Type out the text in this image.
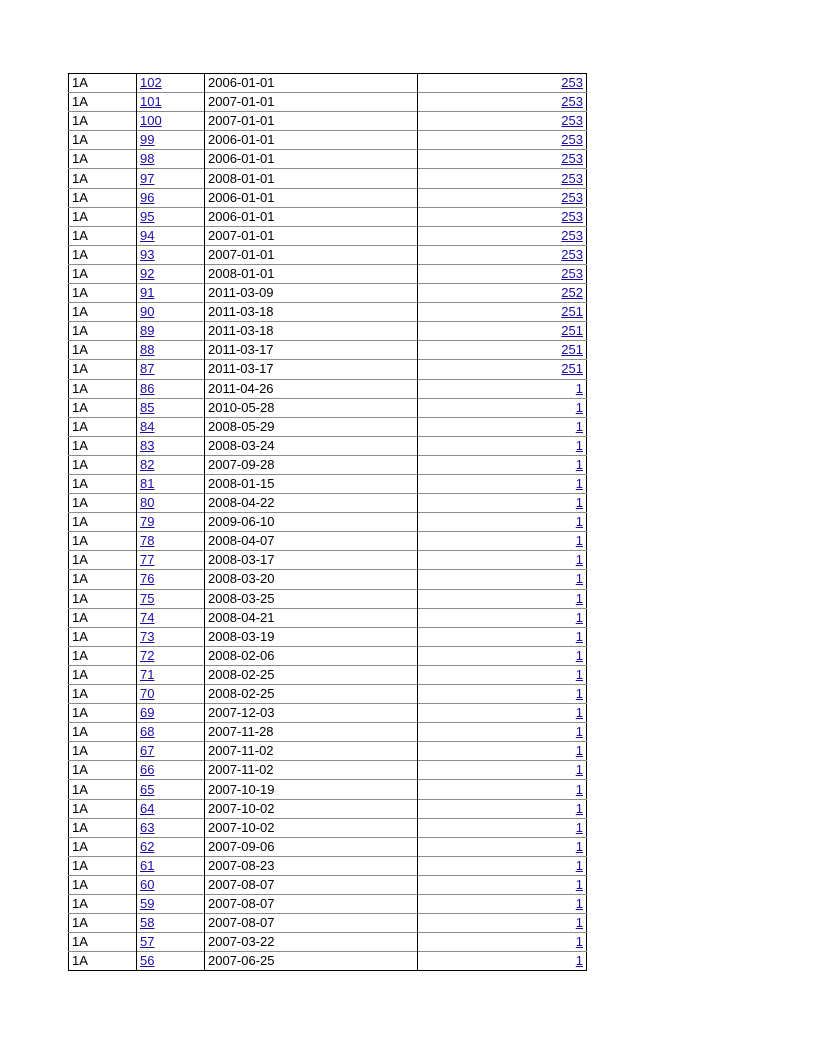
1A	102	2006-01-01	253
1A	101	2007-01-01	253
1A	100	2007-01-01	253
1A	99	2006-01-01	253
1A	98	2006-01-01	253
1A	97	2008-01-01	253
1A	96	2006-01-01	253
1A	95	2006-01-01	253
1A	94	2007-01-01	253
1A	93	2007-01-01	253
1A	92	2008-01-01	253
1A	91	2011-03-09	252
1A	90	2011-03-18	251
1A	89	2011-03-18	251
1A	88	2011-03-17	251
1A	87	2011-03-17	251
1A	86	2011-04-26	1
1A	85	2010-05-28	1
1A	84	2008-05-29	1
1A	83	2008-03-24	1
1A	82	2007-09-28	1
1A	81	2008-01-15	1
1A	80	2008-04-22	1
1A	79	2009-06-10	1
1A	78	2008-04-07	1
1A	77	2008-03-17	1
1A	76	2008-03-20	1
1A	75	2008-03-25	1
1A	74	2008-04-21	1
1A	73	2008-03-19	1
1A	72	2008-02-06	1
1A	71	2008-02-25	1
1A	70	2008-02-25	1
1A	69	2007-12-03	1
1A	68	2007-11-28	1
1A	67	2007-11-02	1
1A	66	2007-11-02	1
1A	65	2007-10-19	1
1A	64	2007-10-02	1
1A	63	2007-10-02	1
1A	62	2007-09-06	1
1A	61	2007-08-23	1
1A	60	2007-08-07	1
1A	59	2007-08-07	1
1A	58	2007-08-07	1
1A	57	2007-03-22	1
1A	56	2007-06-25	1
